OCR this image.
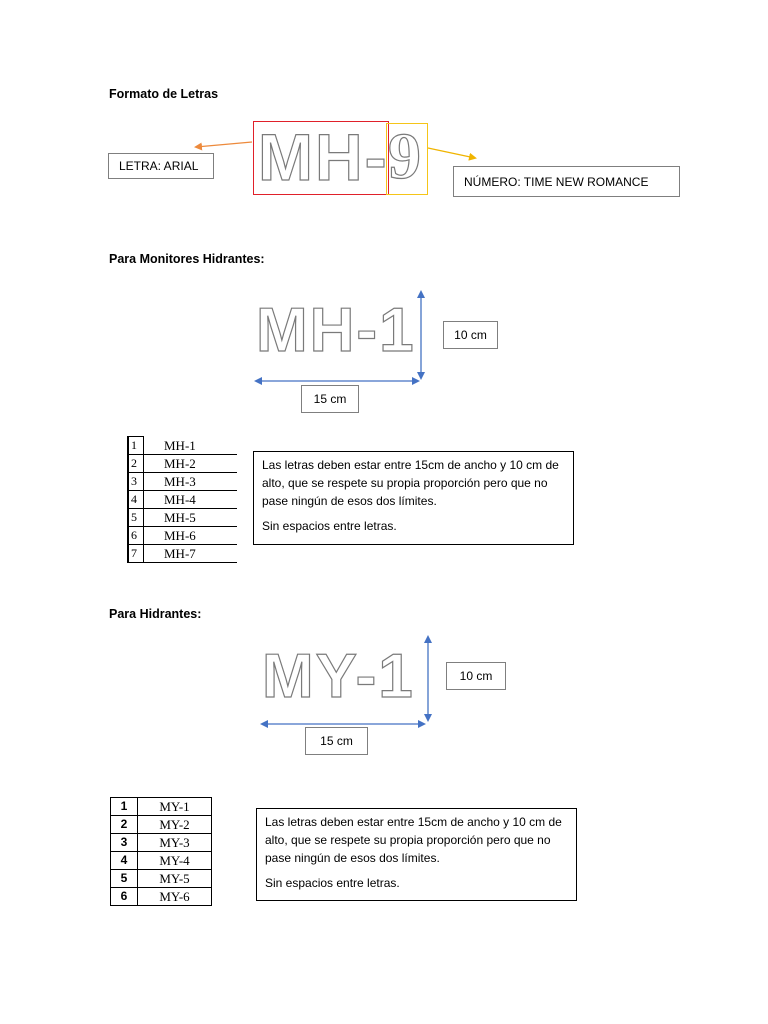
Formato de Letras
MH- 9
LETRA: ARIAL
NÚMERO: TIME NEW ROMANCE
Para Monitores Hidrantes:
MH-1	10 cm
15 cm
1	MH-1
2	MH-2
3	MH-3
4	MH-4
5	MH-5
6	MH-6
7	MH-7

Las letras deben estar entre 15cm de ancho y 10 cm de alto, que se respete su propia proporción pero que no pase ningún de esos dos límites.

Sin espacios entre letras.

Para Hidrantes:
MY-1	10 cm
15 cm
1	MY-1
2	MY-2
3	MY-3
4	MY-4
5	MY-5
6	MY-6

Las letras deben estar entre 15cm de ancho y 10 cm de alto, que se respete su propia proporción pero que no pase ningún de esos dos límites.

Sin espacios entre letras.
